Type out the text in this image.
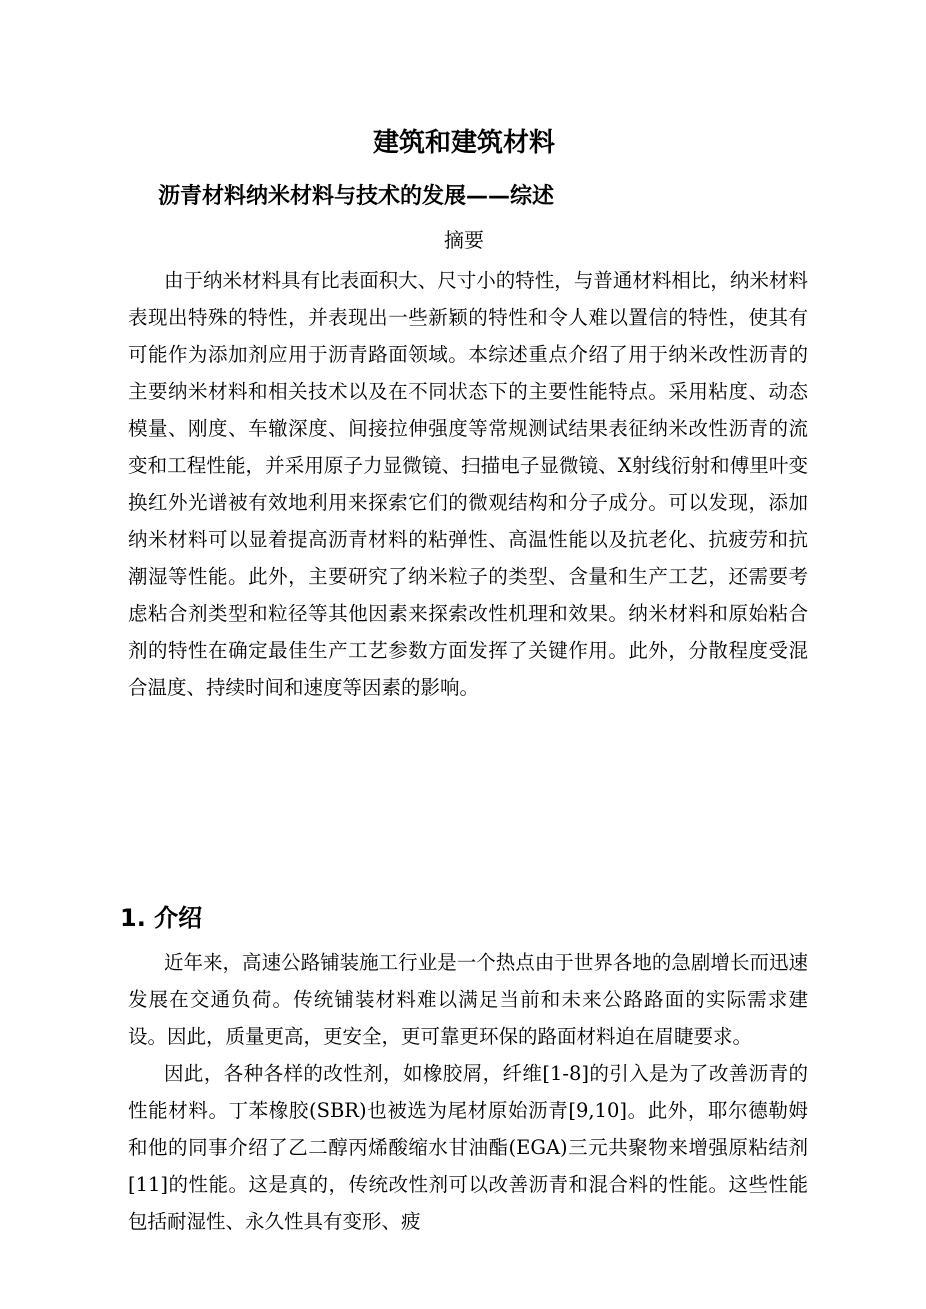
建筑和建筑材料
沥青材料纳米材料与技术的发展——综述
摘要

由于纳米材料具有比表面积大、尺寸小的特性，与普通材料相比，纳米材料表现出特殊的特性，并表现出一些新颖的特性和令人难以置信的特性，使其有可能作为添加剂应用于沥青路面领域。本综述重点介绍了用于纳米改性沥青的主要纳米材料和相关技术以及在不同状态下的主要性能特点。采用粘度、动态模量、刚度、车辙深度、间接拉伸强度等常规测试结果表征纳米改性沥青的流变和工程性能，并采用原子力显微镜、扫描电子显微镜、X射线衍射和傅里叶变换红外光谱被有效地利用来探索它们的微观结构和分子成分。可以发现，添加纳米材料可以显着提高沥青材料的粘弹性、高温性能以及抗老化、抗疲劳和抗潮湿等性能。此外，主要研究了纳米粒子的类型、含量和生产工艺，还需要考虑粘合剂类型和粒径等其他因素来探索改性机理和效果。纳米材料和原始粘合剂的特性在确定最佳生产工艺参数方面发挥了关键作用。此外，分散程度受混合温度、持续时间和速度等因素的影响。

1. 介绍

近年来，高速公路铺装施工行业是一个热点由于世界各地的急剧增长而迅速发展在交通负荷。传统铺装材料难以满足当前和未来公路路面的实际需求建设。因此，质量更高，更安全，更可靠更环保的路面材料迫在眉睫要求。

因此，各种各样的改性剂，如橡胶屑，纤维[1-8]的引入是为了改善沥青的性能材料。丁苯橡胶(SBR)也被选为尾材原始沥青[9,10]。此外，耶尔德勒姆和他的同事介绍了乙二醇丙烯酸缩水甘油酯(EGA)三元共聚物来增强原粘结剂[11]的性能。这是真的，传统改性剂可以改善沥青和混合料的性能。这些性能包括耐湿性、永久性具有变形、疲
